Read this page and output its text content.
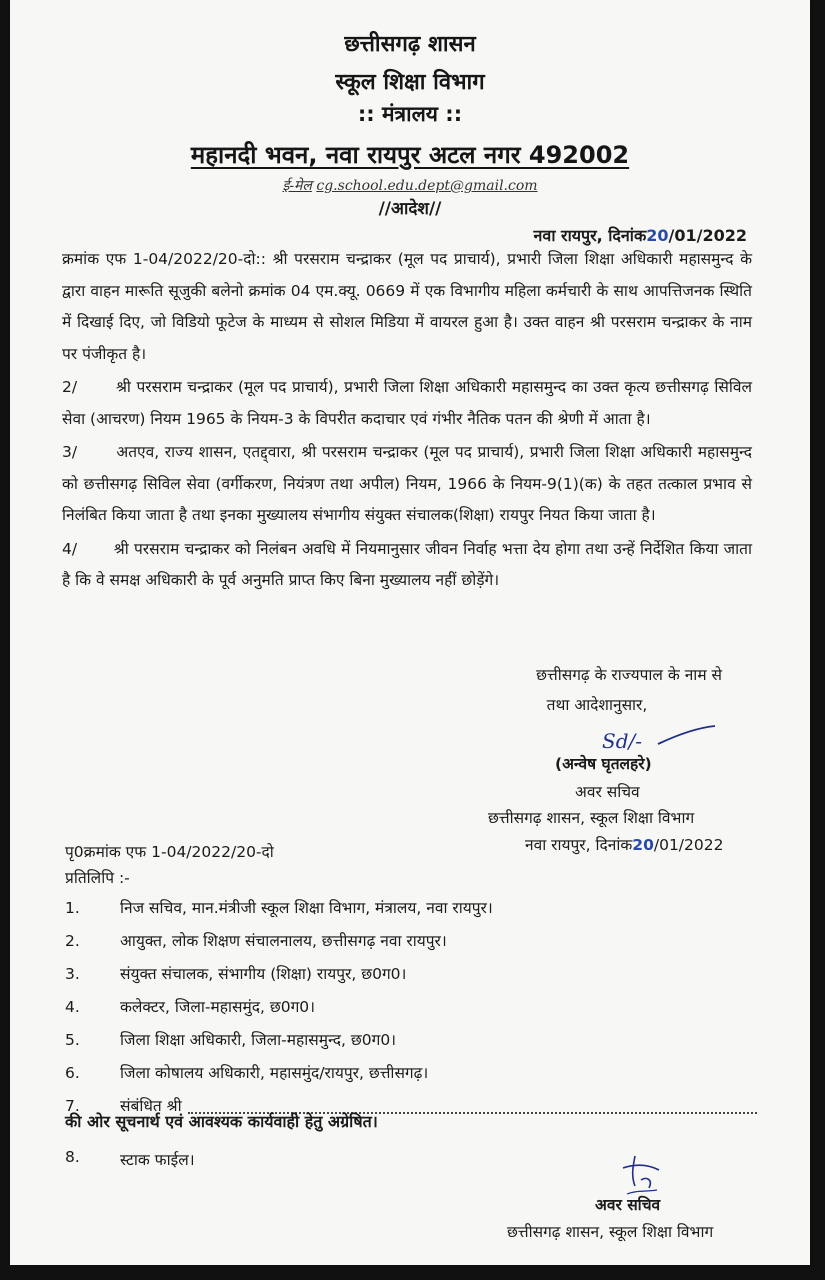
छत्तीसगढ़ शासन
स्कूल शिक्षा विभाग
:: मंत्रालय ::
महानदी भवन, नवा रायपुर अटल नगर 492002
ई-मेल cg.school.edu.dept@gmail.com
//आदेश//
नवा रायपुर, दिनांक20/01/2022

क्रमांक एफ 1-04/2022/20-दो:: श्री परसराम चन्द्राकर (मूल पद प्राचार्य), प्रभारी जिला शिक्षा अधिकारी महासमुन्द के द्वारा वाहन मारूति सूजुकी बलेनो क्रमांक 04 एम.क्यू. 0669 में एक विभागीय महिला कर्मचारी के साथ आपत्तिजनक स्थिति में दिखाई दिए, जो विडियो फूटेज के माध्यम से सोशल मिडिया में वायरल हुआ है। उक्त वाहन श्री परसराम चन्द्राकर के नाम पर पंजीकृत है।

2/       श्री परसराम चन्द्राकर (मूल पद प्राचार्य), प्रभारी जिला शिक्षा अधिकारी महासमुन्द का उक्त कृत्य छत्तीसगढ़ सिविल सेवा (आचरण) नियम 1965 के नियम-3 के विपरीत कदाचार एवं गंभीर नैतिक पतन की श्रेणी में आता है।

3/       अतएव, राज्य शासन, एतद्द्वारा, श्री परसराम चन्द्राकर (मूल पद प्राचार्य), प्रभारी जिला शिक्षा अधिकारी महासमुन्द को छत्तीसगढ़ सिविल सेवा (वर्गीकरण, नियंत्रण तथा अपील) नियम, 1966 के नियम-9(1)(क) के तहत तत्काल प्रभाव से निलंबित किया जाता है तथा इनका मुख्यालय संभागीय संयुक्त संचालक(शिक्षा) रायपुर नियत किया जाता है।

4/       श्री परसराम चन्द्राकर को निलंबन अवधि में नियमानुसार जीवन निर्वाह भत्ता देय होगा तथा उन्हें निर्देशित किया जाता है कि वे समक्ष अधिकारी के पूर्व अनुमति प्राप्त किए बिना मुख्यालय नहीं छोड़ेंगे।

छत्तीसगढ़ के राज्यपाल के नाम से
तथा आदेशानुसार,
Sd/-
(अन्वेष घृतलहरे)
अवर सचिव
छत्तीसगढ़ शासन, स्कूल शिक्षा विभाग
नवा रायपुर, दिनांक20/01/2022
पृ0क्रमांक एफ 1-04/2022/20-दो
प्रतिलिपि :-
1.	निज सचिव, मान.मंत्रीजी स्कूल शिक्षा विभाग, मंत्रालय, नवा रायपुर।
2.	आयुक्त, लोक शिक्षण संचालनालय, छत्तीसगढ़ नवा रायपुर।
3.	संयुक्त संचालक, संभागीय (शिक्षा) रायपुर, छ0ग0।
4.	कलेक्टर, जिला-महासमुंद, छ0ग0।
5.	जिला शिक्षा अधिकारी, जिला-महासमुन्द, छ0ग0।
6.	जिला कोषालय अधिकारी, महासमुंद/रायपुर, छत्तीसगढ़।
7.	संबंधित श्री
की ओर सूचनार्थ एवं आवश्यक कार्यवाही हेतु अग्रेषित।
8.	स्टाक फाईल।
अवर सचिव
छत्तीसगढ़ शासन, स्कूल शिक्षा विभाग
